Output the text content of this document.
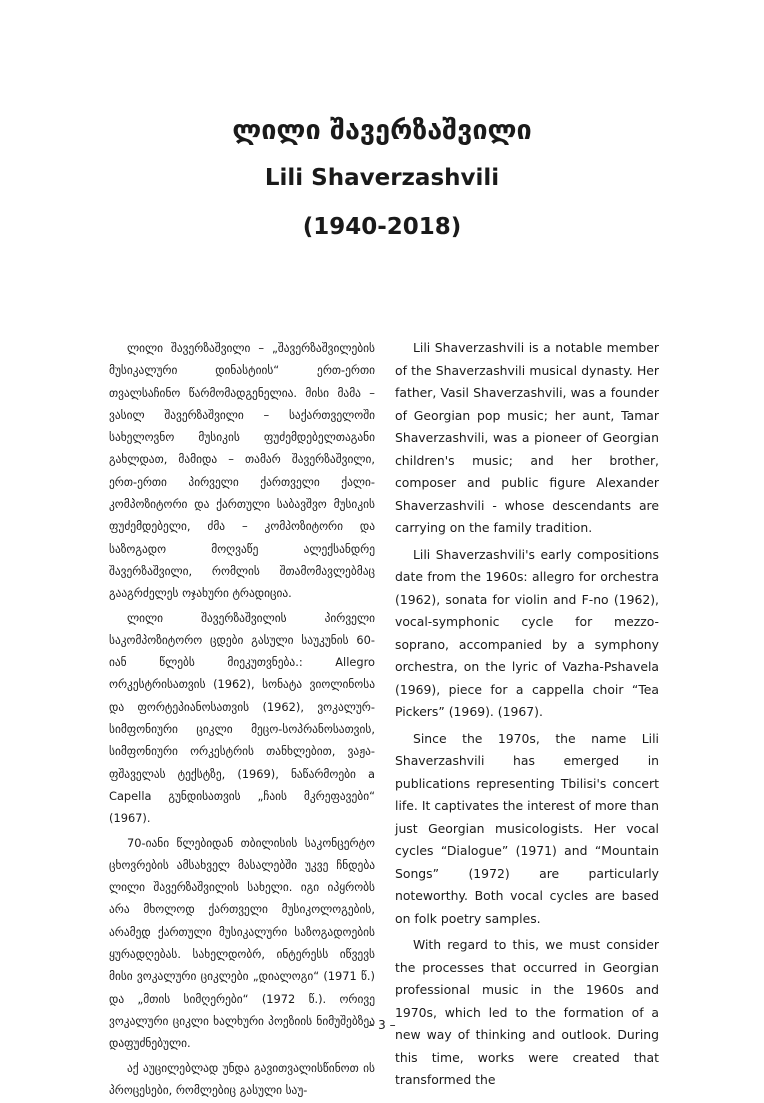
ლილი შავერზაშვილი

Lili Shaverzashvili

(1940-2018)

ლილი შავერზაშვილი – „შავერზაშვილების მუსიკალური დინასტიის“ ერთ-ერთი თვალსაჩინო წარმომადგენელია. მისი მამა – ვასილ შავერზაშვილი – საქართველოში სახელოვნო მუსიკის ფუძემდებელთაგანი გახლდათ, მამიდა – თამარ შავერზაშვილი, ერთ-ერთი პირველი ქართველი ქალი-კომპოზიტორი და ქართული საბავშვო მუსიკის ფუძემდებელი, ძმა – კომპოზიტორი და საზოგადო მოღვაწე ალექსანდრე შავერზაშვილი, რომლის შთამომავლებმაც გააგრძელეს ოჯახური ტრადიცია.

ლილი შავერზაშვილის პირველი საკომპოზიტორო ცდები გასული საუკუნის 60-იან წლებს მიეკუთვნება.: Allegro ორკესტრისათვის (1962), სონატა ვიოლინოსა და ფორტეპიანოსათვის (1962), ვოკალურ-სიმფონიური ციკლი მეცო-სოპრანოსათვის, სიმფონიური ორკესტრის თანხლებით, ვაჟა-ფშაველას ტექსტზე, (1969), ნაწარმოები a Capella გუნდისათვის „ჩაის მკრეფავები“ (1967).

70-იანი წლებიდან თბილისის საკონცერტო ცხოვრების ამსახველ მასალებში უკვე ჩნდება ლილი შავერზაშვილის სახელი. იგი იპყრობს არა მხოლოდ ქართველი მუსიკოლოგების, არამედ ქართული მუსიკალური საზოგადოების ყურადღებას. სახელდობრ, ინტერესს იწვევს მისი ვოკალური ციკლები „დიალოგი“ (1971 წ.) და „მთის სიმღერები“ (1972 წ.). ორივე ვოკალური ციკლი ხალხური პოეზიის ნიმუშებზეა დაფუძნებული.

აქ აუცილებლად უნდა გავითვალისწინოთ ის პროცესები, რომლებიც გასული საუ-

Lili Shaverzashvili is a notable member of the Shaverzashvili musical dynasty. Her father, Vasil Shaverzashvili, was a founder of Georgian pop music; her aunt, Tamar Shaverzashvili, was a pioneer of Georgian children's music; and her brother, composer and public figure Alexander Shaverzashvili - whose descendants are carrying on the family tradition.

Lili Shaverzashvili's early compositions date from the 1960s: allegro for orchestra (1962), sonata for violin and F-no (1962), vocal-symphonic cycle for mezzo-soprano, accompanied by a symphony orchestra, on the lyric of Vazha-Pshavela (1969), piece for a cappella choir “Tea Pickers” (1969). (1967).

Since the 1970s, the name Lili Shaverzashvili has emerged in publications representing Tbilisi's concert life. It captivates the interest of more than just Georgian musicologists. Her vocal cycles “Dialogue” (1971) and “Mountain Songs” (1972) are particularly noteworthy. Both vocal cycles are based on folk poetry samples.

With regard to this, we must consider the processes that occurred in Georgian professional music in the 1960s and 1970s, which led to the formation of a new way of thinking and outlook. During this time, works were created that transformed the

– 3 –
